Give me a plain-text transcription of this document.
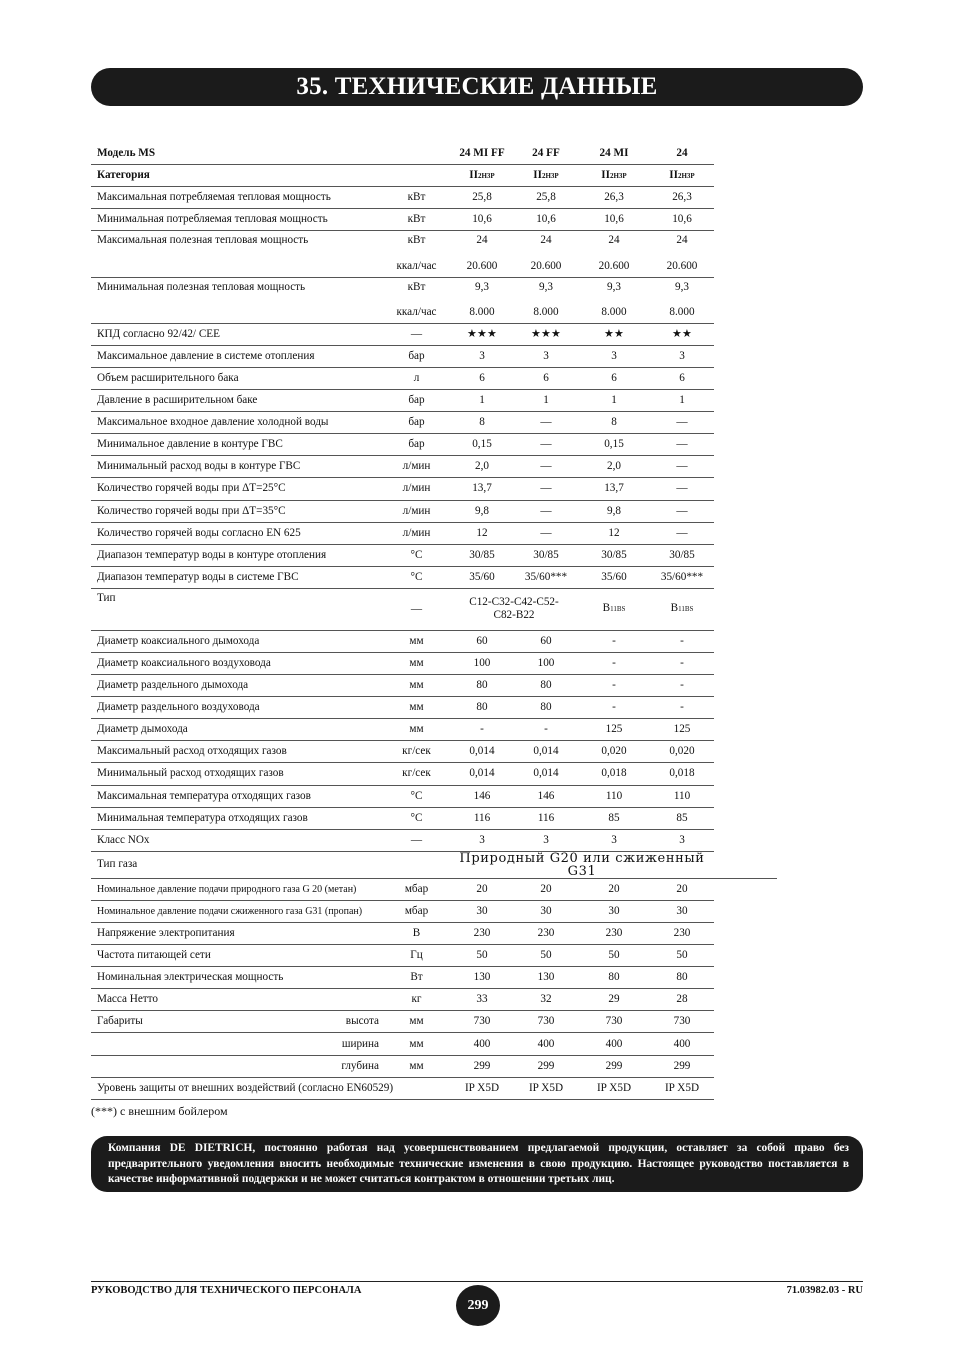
35. ТЕХНИЧЕСКИЕ ДАННЫЕ
Модель MS		24 MI FF	24 FF	24 MI	24	
Категория		II2H3P	II2H3P	II2H3P	II2H3P	
Максимальная потребляемая тепловая мощность	кВт	25,8	25,8	26,3	26,3	
Минимальная потребляемая тепловая мощность	кВт	10,6	10,6	10,6	10,6	
Максимальная полезная тепловая мощность	кВт	24	24	24	24	
	ккал/час	20.600	20.600	20.600	20.600	
Минимальная полезная тепловая мощность	кВт	9,3	9,3	9,3	9,3	
	ккал/час	8.000	8.000	8.000	8.000	
КПД согласно 92/42/ CEE	—	★★★	★★★	★★	★★	
Максимальное давление в системе отопления	бар	3	3	3	3	
Объем расширительного бака	л	6	6	6	6	
Давление в расширительном баке	бар	1	1	1	1	
Максимальное входное давление холодной воды	бар	8	—	8	—	
Минимальное давление в контуре ГВС	бар	0,15	—	0,15	—	
Минимальный расход воды в контуре ГВС	л/мин	2,0	—	2,0	—	
Количество горячей воды при ΔT=25°C	л/мин	13,7	—	13,7	—	
Количество горячей воды при ΔT=35°C	л/мин	9,8	—	9,8	—	
Количество горячей воды согласно EN 625	л/мин	12	—	12	—	
Диапазон температур воды в контуре отопления	°С	30/85	30/85	30/85	30/85	
Диапазон температур воды в системе ГВС	°С	35/60	35/60***	35/60	35/60***	
Тип	—	C12-C32-C42-C52-C82-B22		B11BS	B11BS	
Диаметр коаксиального дымохода	мм	60	60	-	-	
Диаметр коаксиального воздуховода	мм	100	100	-	-	
Диаметр раздельного дымохода	мм	80	80	-	-	
Диаметр раздельного воздуховода	мм	80	80	-	-	
Диаметр дымохода	мм	-	-	125	125	
Максимальный расход отходящих газов	кг/сек	0,014	0,014	0,020	0,020	
Минимальный расход отходящих газов	кг/сек	0,014	0,014	0,018	0,018	
Максимальная температура отходящих газов	°С	146	146	110	110	
Минимальная температура отходящих газов	°С	116	116	85	85	
Класс NOx	—	3	3	3	3	
Тип газа		Природный G20 или сжиженный G31				
Номинальное давление подачи природного газа G 20 (метан)	мбар	20	20	20	20	
Номинальное давление подачи сжиженного газа G31 (пропан)	мбар	30	30	30	30	
Напряжение электропитания	В	230	230	230	230	
Частота питающей сети	Гц	50	50	50	50	
Номинальная электрическая мощность	Вт	130	130	80	80	
Масса Нетто	кг	33	32	29	28	
Габариты высота	мм	730	730	730	730	

ширина	мм	400	400	400	400	

глубина	мм	299	299	299	299	
Уровень защиты от внешних воздействий (согласно EN60529)		IP X5D	IP X5D	IP X5D	IP X5D	
(***) с внешним бойлером
Компания DE DIETRICH, постоянно работая над усовершенствованием предлагаемой продукции, оставляет за собой право без предварительного уведомления вносить необходимые технические изменения в свою продукцию. Настоящее руководство поставляется в качестве информативной поддержки и не может считаться контрактом в отношении третьих лиц.
РУКОВОДСТВО ДЛЯ ТЕХНИЧЕСКОГО ПЕРСОНАЛА
299
71.03982.03 - RU
